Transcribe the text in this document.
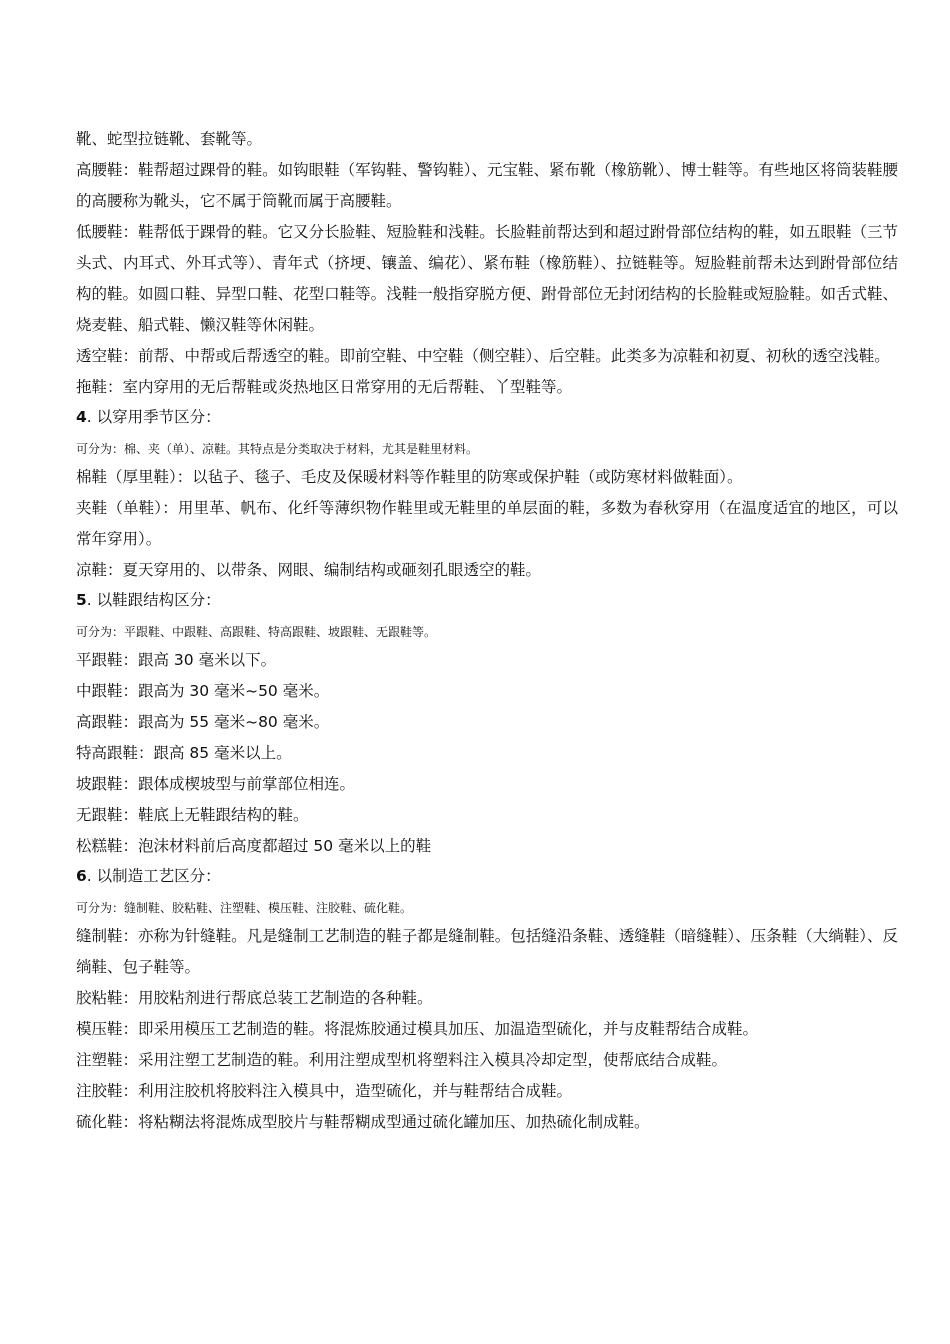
靴、蛇型拉链靴、套靴等。

高腰鞋：鞋帮超过踝骨的鞋。如钩眼鞋（军钩鞋、警钩鞋）、元宝鞋、紧布靴（橡筋靴）、博士鞋等。有些地区将筒装鞋腰的高腰称为靴头，它不属于筒靴而属于高腰鞋。

低腰鞋：鞋帮低于踝骨的鞋。它又分长脸鞋、短脸鞋和浅鞋。长脸鞋前帮达到和超过跗骨部位结构的鞋，如五眼鞋（三节头式、内耳式、外耳式等）、青年式（挤埂、镶盖、编花）、紧布鞋（橡筋鞋）、拉链鞋等。短脸鞋前帮未达到跗骨部位结构的鞋。如圆口鞋、异型口鞋、花型口鞋等。浅鞋一般指穿脱方便、跗骨部位无封闭结构的长脸鞋或短脸鞋。如舌式鞋、烧麦鞋、船式鞋、懒汉鞋等休闲鞋。

透空鞋：前帮、中帮或后帮透空的鞋。即前空鞋、中空鞋（侧空鞋）、后空鞋。此类多为凉鞋和初夏、初秋的透空浅鞋。

拖鞋：室内穿用的无后帮鞋或炎热地区日常穿用的无后帮鞋、丫型鞋等。

4. 以穿用季节区分：

可分为：棉、夹（单）、凉鞋。其特点是分类取决于材料，尤其是鞋里材料。

棉鞋（厚里鞋）：以毡子、毯子、毛皮及保暖材料等作鞋里的防寒或保护鞋（或防寒材料做鞋面）。

夹鞋（单鞋）：用里革、帆布、化纤等薄织物作鞋里或无鞋里的单层面的鞋，多数为春秋穿用（在温度适宜的地区，可以常年穿用）。

凉鞋：夏天穿用的、以带条、网眼、编制结构或砸刻孔眼透空的鞋。

5. 以鞋跟结构区分：

可分为：平跟鞋、中跟鞋、高跟鞋、特高跟鞋、坡跟鞋、无跟鞋等。

平跟鞋：跟高 30 毫米以下。

中跟鞋：跟高为 30 毫米~50 毫米。

高跟鞋：跟高为 55 毫米~80 毫米。

特高跟鞋：跟高 85 毫米以上。

坡跟鞋：跟体成楔坡型与前掌部位相连。

无跟鞋：鞋底上无鞋跟结构的鞋。

松糕鞋：泡沫材料前后高度都超过 50 毫米以上的鞋

6. 以制造工艺区分：

可分为：缝制鞋、胶粘鞋、注塑鞋、模压鞋、注胶鞋、硫化鞋。

缝制鞋：亦称为针缝鞋。凡是缝制工艺制造的鞋子都是缝制鞋。包括缝沿条鞋、透缝鞋（暗缝鞋）、压条鞋（大绱鞋）、反绱鞋、包子鞋等。

胶粘鞋：用胶粘剂进行帮底总装工艺制造的各种鞋。

模压鞋：即采用模压工艺制造的鞋。将混炼胶通过模具加压、加温造型硫化，并与皮鞋帮结合成鞋。

注塑鞋：采用注塑工艺制造的鞋。利用注塑成型机将塑料注入模具冷却定型，使帮底结合成鞋。

注胶鞋：利用注胶机将胶料注入模具中，造型硫化，并与鞋帮结合成鞋。

硫化鞋：将粘糊法将混炼成型胶片与鞋帮糊成型通过硫化罐加压、加热硫化制成鞋。
